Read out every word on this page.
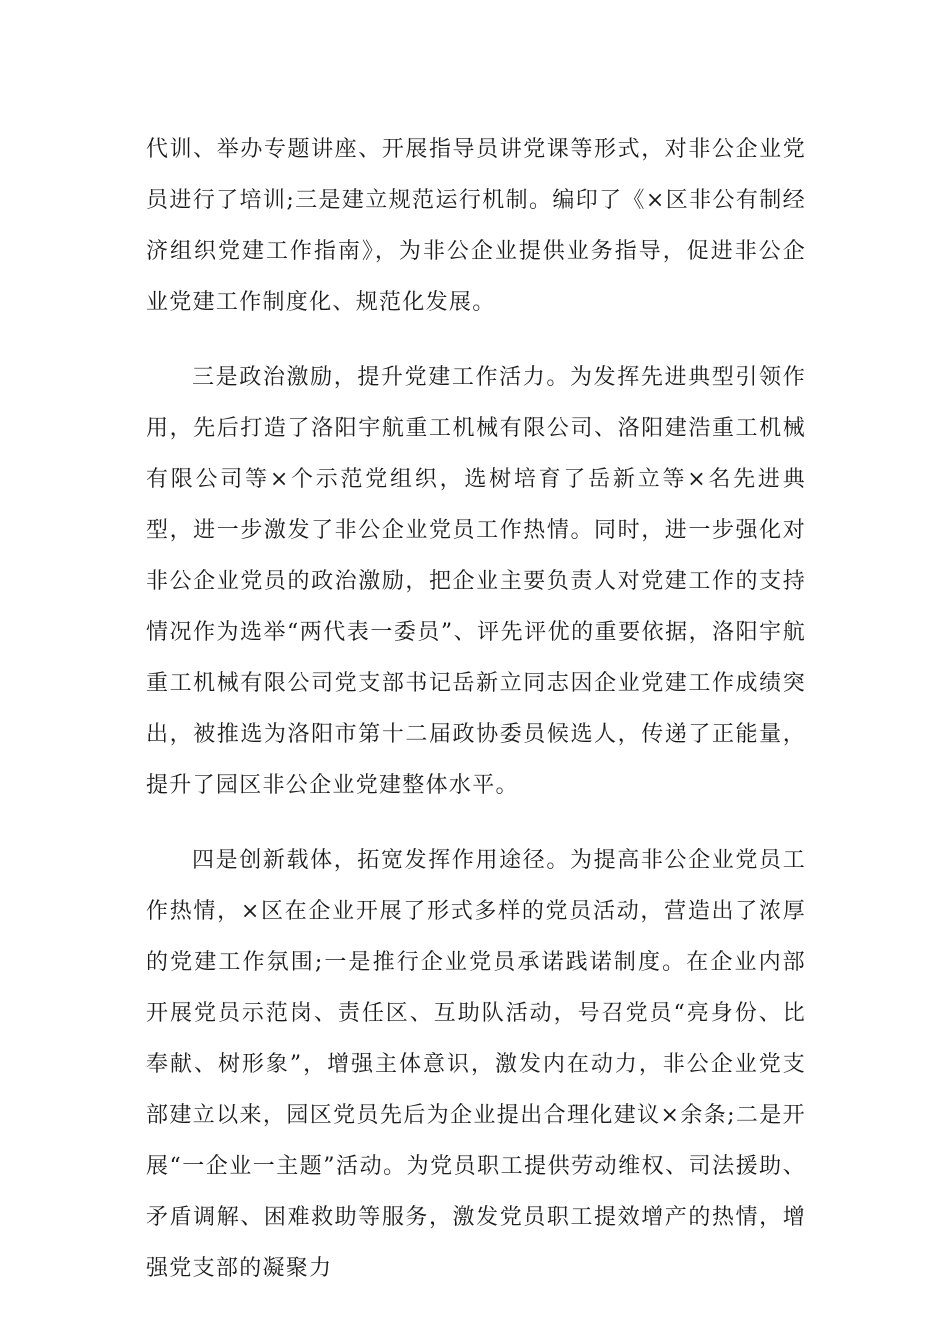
代训、举办专题讲座、开展指导员讲党课等形式，对非公企业党员进行了培训;三是建立规范运行机制。编印了《×区非公有制经济组织党建工作指南》，为非公企业提供业务指导，促进非公企业党建工作制度化、规范化发展。

三是政治激励，提升党建工作活力。为发挥先进典型引领作用，先后打造了洛阳宇航重工机械有限公司、洛阳建浩重工机械有限公司等×个示范党组织，选树培育了岳新立等×名先进典型，进一步激发了非公企业党员工作热情。同时，进一步强化对非公企业党员的政治激励，把企业主要负责人对党建工作的支持情况作为选举“两代表一委员”、评先评优的重要依据，洛阳宇航重工机械有限公司党支部书记岳新立同志因企业党建工作成绩突出，被推选为洛阳市第十二届政协委员候选人，传递了正能量，提升了园区非公企业党建整体水平。

四是创新载体，拓宽发挥作用途径。为提高非公企业党员工作热情，×区在企业开展了形式多样的党员活动，营造出了浓厚的党建工作氛围;一是推行企业党员承诺践诺制度。在企业内部开展党员示范岗、责任区、互助队活动，号召党员“亮身份、比奉献、树形象”，增强主体意识，激发内在动力，非公企业党支部建立以来，园区党员先后为企业提出合理化建议×余条;二是开展“一企业一主题”活动。为党员职工提供劳动维权、司法援助、矛盾调解、困难救助等服务，激发党员职工提效增产的热情，增强党支部的凝聚力
